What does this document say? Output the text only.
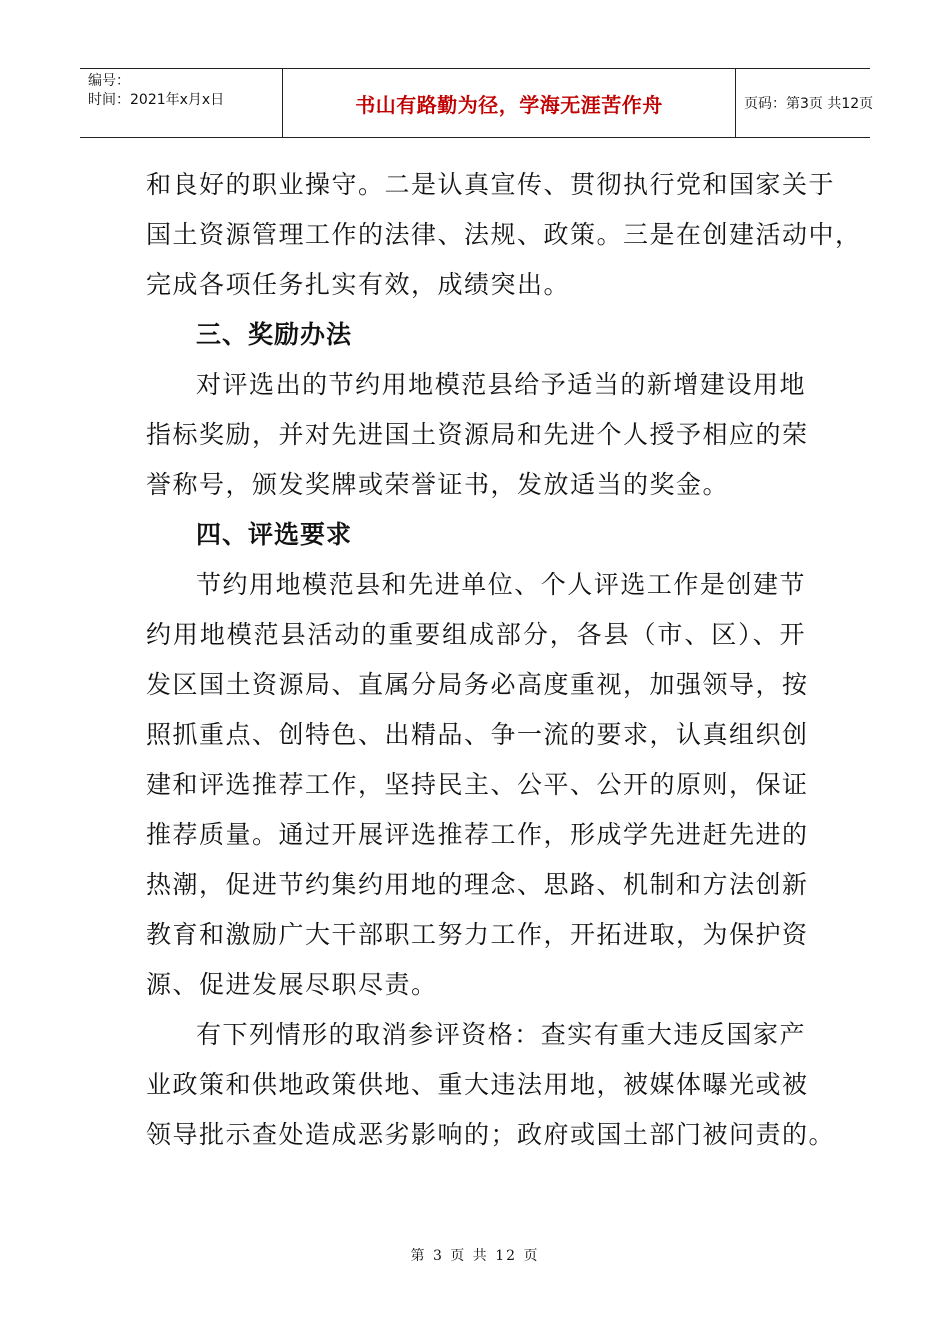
编号：
时间：2021年x月x日	书山有路勤为径，学海无涯苦作舟	页码：第3页 共12页
和良好的职业操守。二是认真宣传、贯彻执行党和国家关于
国土资源管理工作的法律、法规、政策。三是在创建活动中，
完成各项任务扎实有效，成绩突出。
三、奖励办法
对评选出的节约用地模范县给予适当的新增建设用地
指标奖励，并对先进国土资源局和先进个人授予相应的荣
誉称号，颁发奖牌或荣誉证书，发放适当的奖金。
四、评选要求
节约用地模范县和先进单位、个人评选工作是创建节
约用地模范县活动的重要组成部分，各县（市、区）、开
发区国土资源局、直属分局务必高度重视，加强领导，按
照抓重点、创特色、出精品、争一流的要求，认真组织创
建和评选推荐工作，坚持民主、公平、公开的原则，保证
推荐质量。通过开展评选推荐工作，形成学先进赶先进的
热潮，促进节约集约用地的理念、思路、机制和方法创新
教育和激励广大干部职工努力工作，开拓进取，为保护资
源、促进发展尽职尽责。
有下列情形的取消参评资格：查实有重大违反国家产
业政策和供地政策供地、重大违法用地，被媒体曝光或被
领导批示查处造成恶劣影响的；政府或国土部门被问责的。
第 3 页 共 12 页
